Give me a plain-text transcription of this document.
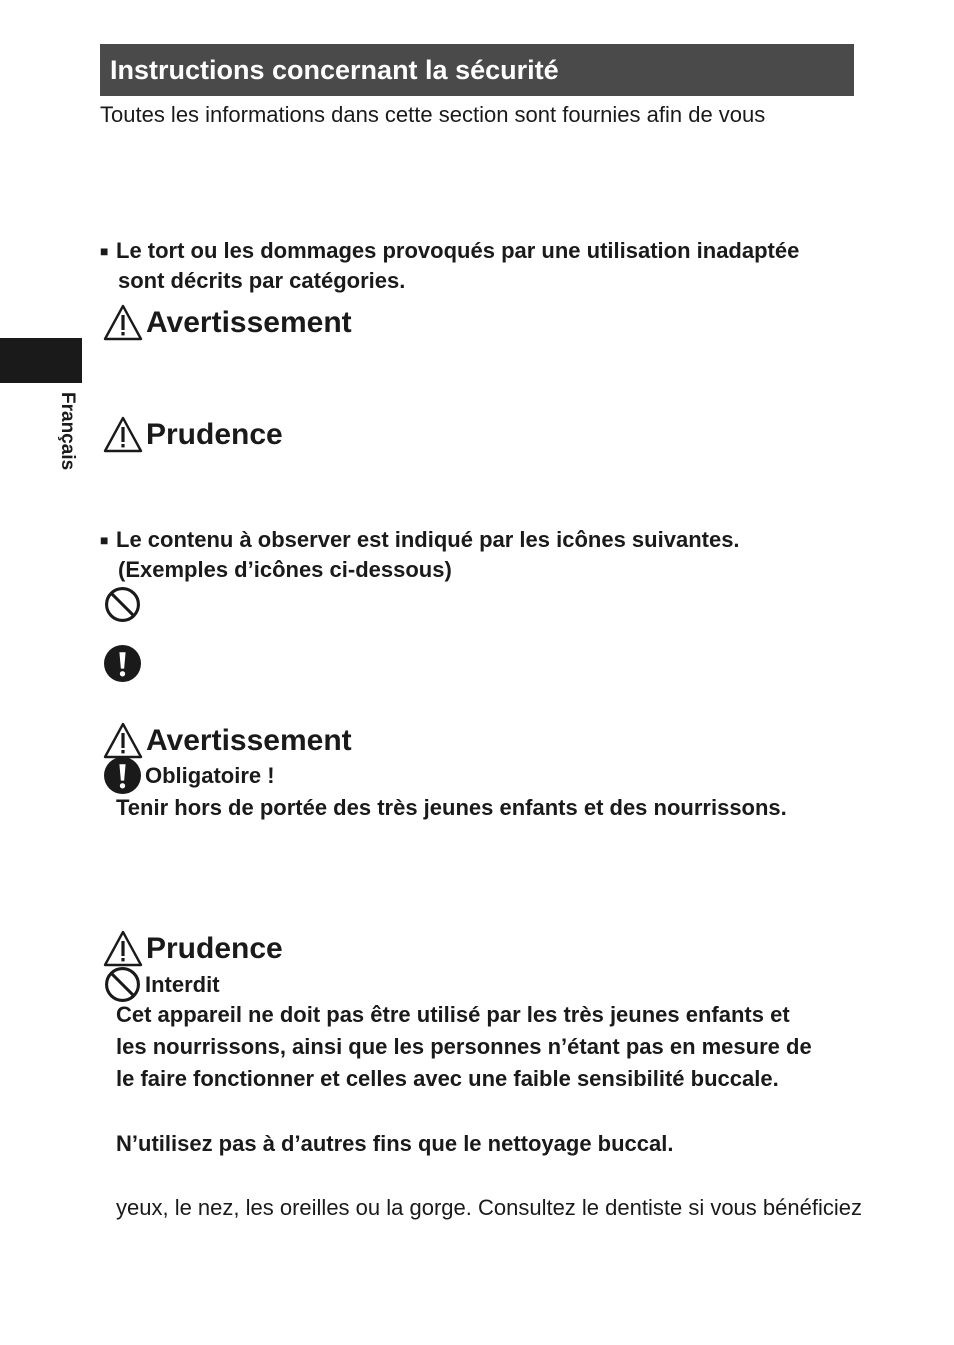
Instructions concernant la sécurité
Toutes les informations dans cette section sont fournies afin de vous
Français
■ Le tort ou les dommages provoqués par une utilisation inadaptée
sont décrits par catégories.
Avertissement
Prudence
■ Le contenu à observer est indiqué par les icônes suivantes.
(Exemples d’icônes ci-dessous)
Avertissement
Obligatoire !
Tenir hors de portée des très jeunes enfants et des nourrissons.
Prudence
Interdit
Cet appareil ne doit pas être utilisé par les très jeunes enfants et
les nourrissons, ainsi que les personnes n’étant pas en mesure de
le faire fonctionner et celles avec une faible sensibilité buccale.
N’utilisez pas à d’autres fins que le nettoyage buccal.
yeux, le nez, les oreilles ou la gorge. Consultez le dentiste si vous bénéficiez
